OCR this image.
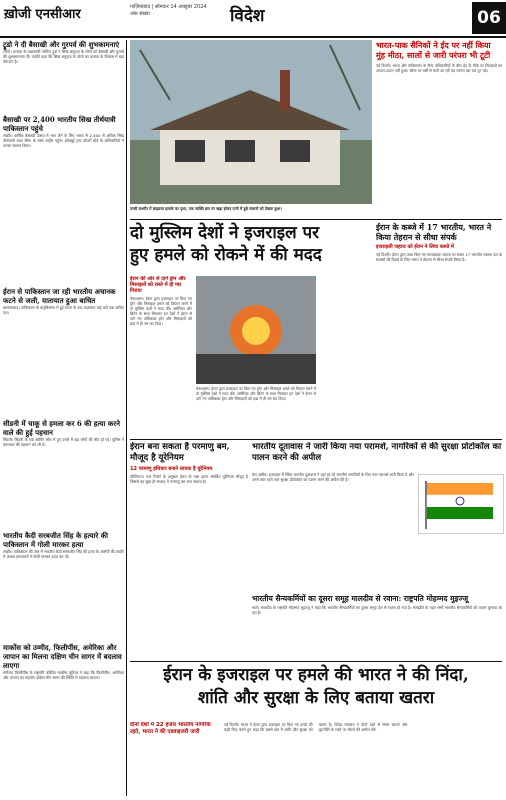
ख़ोजी एनसीआर	गाज़ियाबाद | सोमवार 14 अक्टूबर 2024
अंक संख्या	विदेश	06
ट्रूडो ने दी बैसाखी और गुरपर्व की शुभकामनाएं
टोरंटो। कनाडा के प्रधानमंत्री जस्टिन ट्रूडो ने सिख समुदाय के लोगों को बैसाखी और गुरपर्व की शुभकामनाएं दीं। उन्होंने कहा कि सिख समुदाय के लोगों का कनाडा के विकास में बड़ा योगदान है।
बैसाखी पर 2,400 भारतीय सिख तीर्थयात्री पाकिस्तान पहुंचे
लाहौर। वार्षिक बैसाखी उत्सव में भाग लेने के लिए भारत से 2,400 से अधिक सिख तीर्थयात्री वाघा सीमा के रास्ते लाहौर पहुंचे। इवैक्यूई ट्रस्ट प्रॉपर्टी बोर्ड के अधिकारियों ने उनका स्वागत किया।
ईरान से पाकिस्तान जा रही भारतीय अचानक फटने से जली, यातायात हुआ बाधित
इस्लामाबाद। पाकिस्तान के बलूचिस्तान में हुई घटना के बाद यातायात कई घंटों तक बाधित रहा।
सीडनी में चाकू से हमला कर 6 की हत्या करने वाले की हुई पहचान
सिडनी। सिडनी के एक शॉपिंग मॉल में हुए हमले में छह लोगों की मौत हो गई। पुलिस ने हमलावर की पहचान कर ली है।
भारतीय कैदी सरबजीत सिंह के हत्यारे की पाकिस्तान में गोली मारकर हत्या
लाहौर। पाकिस्तान की जेल में भारतीय कैदी सरबजीत सिंह की हत्या के आरोपी की लाहौर में अज्ञात हमलावरों ने गोली मारकर हत्या कर दी।
मार्कोस को उम्मीद, फिलीपींस, अमेरिका और जापान का मिलना दक्षिण चीन सागर में बदलाव लाएगा
मनीला। फिलीपींस के राष्ट्रपति फर्डिनेंड मार्कोस जूनियर ने कहा कि फिलीपींस, अमेरिका और जापान का सहयोग दक्षिण चीन सागर की स्थिति में बदलाव लाएगा।
उत्तरी कश्मीर में बाढ़ग्रस्त इलाके का दृश्य, एक व्यक्ति छत पर खड़ा होकर पानी में डूबे मकानों को देखता हुआ।
भारत-पाक सैनिकों ने ईद पर नहीं किया मुंह मीठा, सालों से जारी परंपरा भी टूटी
नई दिल्ली। भारत और पाकिस्तान के सैन्य अधिकारियों के बीच ईद के मौके पर मिठाइयों का आदान-प्रदान नहीं हुआ। सीमा पर वर्षों से चली आ रही यह परंपरा इस बार टूट गई।
दो मुस्लिम देशों ने इजराइल पर
हुए हमले को रोकने में की मदद
ईरान की ओर से दागे ड्रोन और मिसाइलों को रास्ते में ही मार गिराया
येरूशलम। ईरान द्वारा इजराइल पर किए गए ड्रोन और मिसाइल हमले को विफल करने में दो मुस्लिम देशों ने मदद की। अमेरिका और ब्रिटेन के साथ मिलकर इन देशों ने ईरान से दागे गए अधिकांश ड्रोन और मिसाइलों को हवा में ही नष्ट कर दिया।
येरूशलम। ईरान द्वारा इजराइल पर किए गए ड्रोन और मिसाइल हमले को विफल करने में दो मुस्लिम देशों ने मदद की। अमेरिका और ब्रिटेन के साथ मिलकर इन देशों ने ईरान से दागे गए अधिकांश ड्रोन और मिसाइलों को हवा में ही नष्ट कर दिया।
ईरान के कब्जे में 17 भारतीय, भारत ने किया तेहरान से सीधा संपर्क
इजराइली जहाज को ईरान ने लिया कब्जे में
नई दिल्ली। ईरान द्वारा जब्त किए गए मालवाहक जहाज पर सवार 17 भारतीय चालक दल के सदस्यों की रिहाई के लिए भारत ने तेहरान से सीधा संपर्क किया है।
ईरान बना सकता है परमाणु बम, मौजूद है यूरेनियम
12 परमाणु हथियार बनाने लायक है यूरेनियम
वॉशिंगटन। एक रिपोर्ट के अनुसार ईरान के पास इतना संवर्धित यूरेनियम मौजूद है जिससे वह कुछ ही सप्ताह में परमाणु बम बना सकता है।
भारतीय दूतावास ने जारी किया नया परामर्श, नागरिकों से की सुरक्षा प्रोटोकॉल का पालन करने की अपील
तेल अवीव। इजराइल में स्थित भारतीय दूतावास ने वहां रह रहे भारतीय नागरिकों के लिए नया परामर्श जारी किया है और उनसे शांत रहने तथा सुरक्षा प्रोटोकॉल का पालन करने की अपील की है।
भारतीय सैन्यकर्मियों का दूसरा समूह मालदीव से रवाना: राष्ट्रपति मोहम्मद मुइज्जू
माले। मालदीव के राष्ट्रपति मोहम्मद मुइज्जू ने कहा कि भारतीय सैन्यकर्मियों का दूसरा समूह देश से रवाना हो गया है। समझौते के तहत सभी भारतीय सैन्यकर्मियों को वापस बुलाया जा रहा है।
ईरान के इजराइल पर हमले की भारत ने की निंदा,
शांति और सुरक्षा के लिए बताया खतरा
दोनों देशों में 22 हजार भारतीय नागरिक रहते, भारत ने की एडवाइजरी जारी
नई दिल्ली। भारत ने ईरान द्वारा इजराइल पर किए गए हमले की कड़ी निंदा करते हुए कहा कि इससे क्षेत्र में शांति और सुरक्षा को खतरा है। विदेश मंत्रालय ने दोनों देशों से संयम बरतने और कूटनीति के रास्ते पर लौटने की अपील की।
